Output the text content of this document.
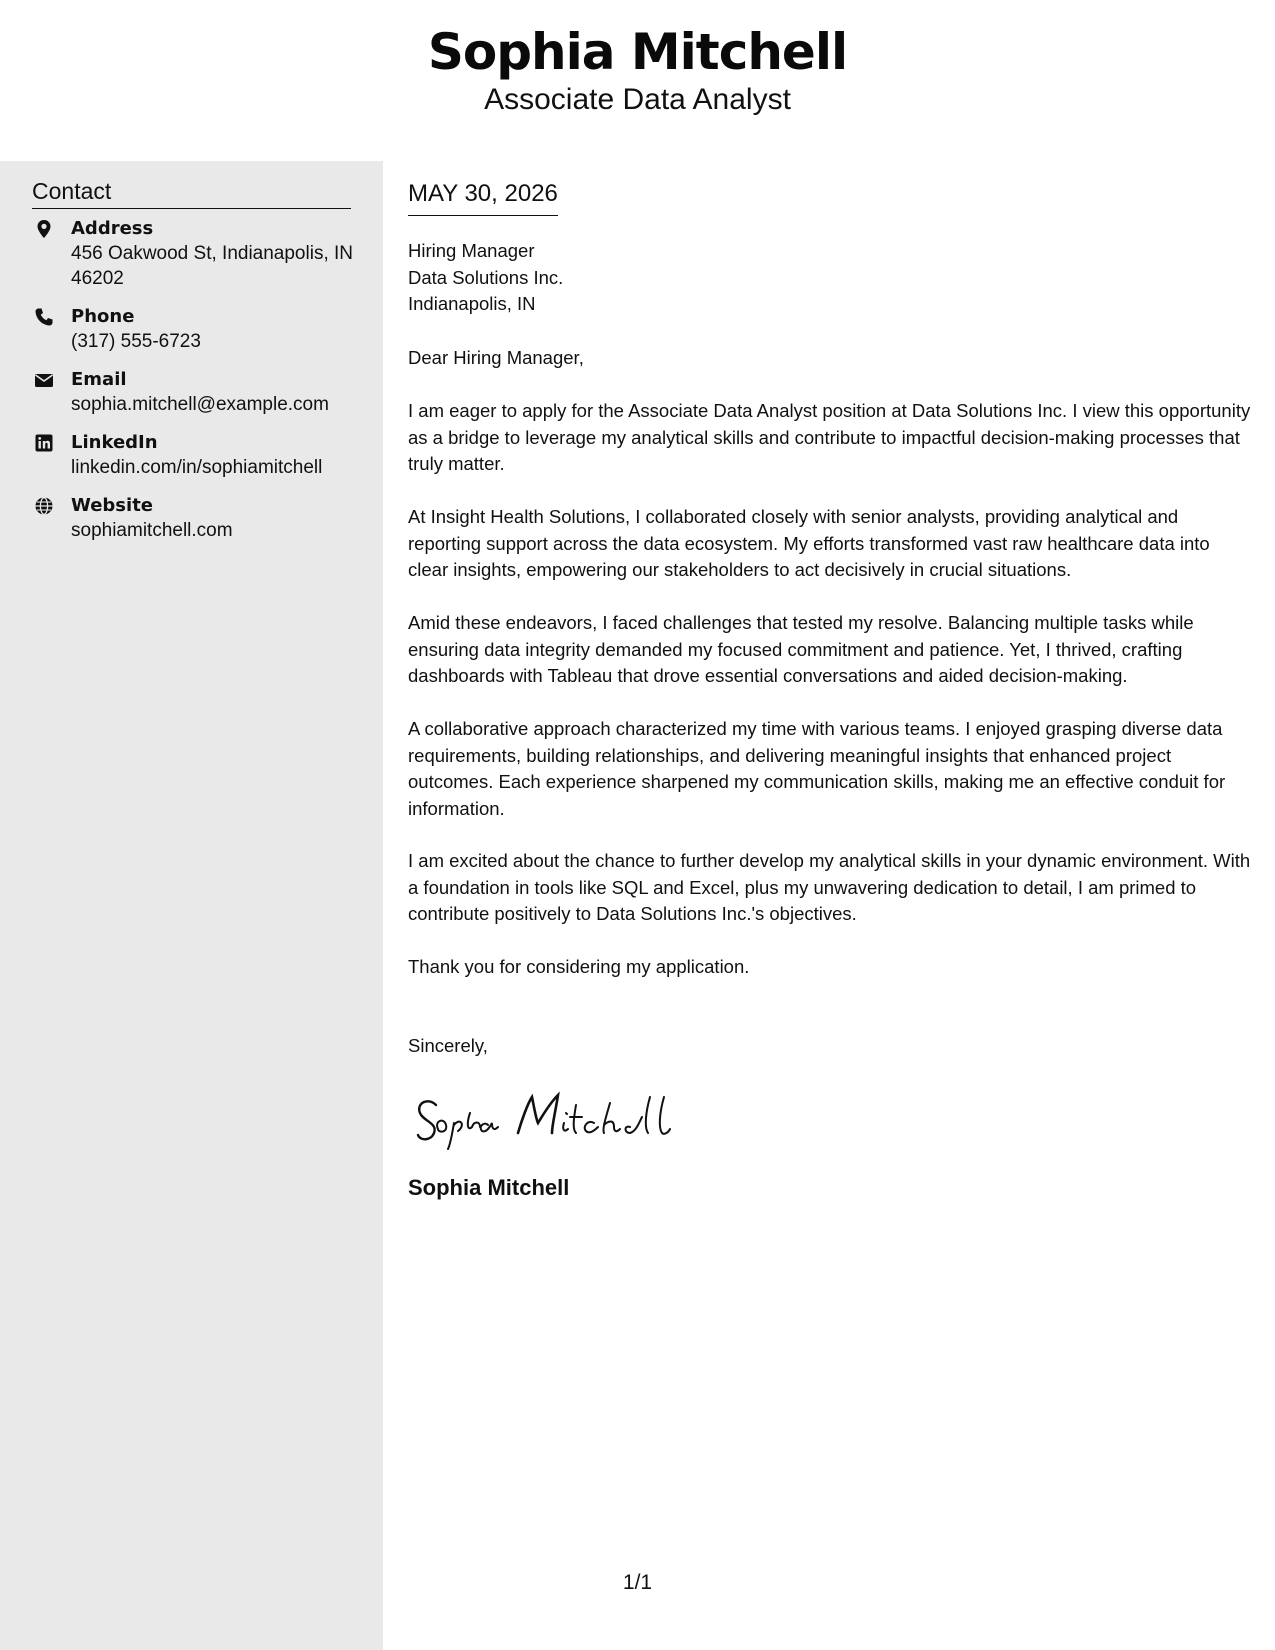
Sophia Mitchell
Associate Data Analyst
Contact
Address
456 Oakwood St, Indianapolis, IN 46202
Phone
(317) 555-6723
Email
sophia.mitchell@example.com
LinkedIn
linkedin.com/in/sophiamitchell
Website
sophiamitchell.com
MAY 30, 2026
Hiring Manager
Data Solutions Inc.
Indianapolis, IN
Dear Hiring Manager,
I am eager to apply for the Associate Data Analyst position at Data Solutions Inc. I view this opportunity as a bridge to leverage my analytical skills and contribute to impactful decision-making processes that truly matter.
At Insight Health Solutions, I collaborated closely with senior analysts, providing analytical and reporting support across the data ecosystem. My efforts transformed vast raw healthcare data into clear insights, empowering our stakeholders to act decisively in crucial situations.
Amid these endeavors, I faced challenges that tested my resolve. Balancing multiple tasks while ensuring data integrity demanded my focused commitment and patience. Yet, I thrived, crafting dashboards with Tableau that drove essential conversations and aided decision-making.
A collaborative approach characterized my time with various teams. I enjoyed grasping diverse data requirements, building relationships, and delivering meaningful insights that enhanced project outcomes. Each experience sharpened my communication skills, making me an effective conduit for information.
I am excited about the chance to further develop my analytical skills in your dynamic environment. With a foundation in tools like SQL and Excel, plus my unwavering dedication to detail, I am primed to contribute positively to Data Solutions Inc.'s objectives.
Thank you for considering my application.
Sincerely,
Sophia Mitchell
1/1
